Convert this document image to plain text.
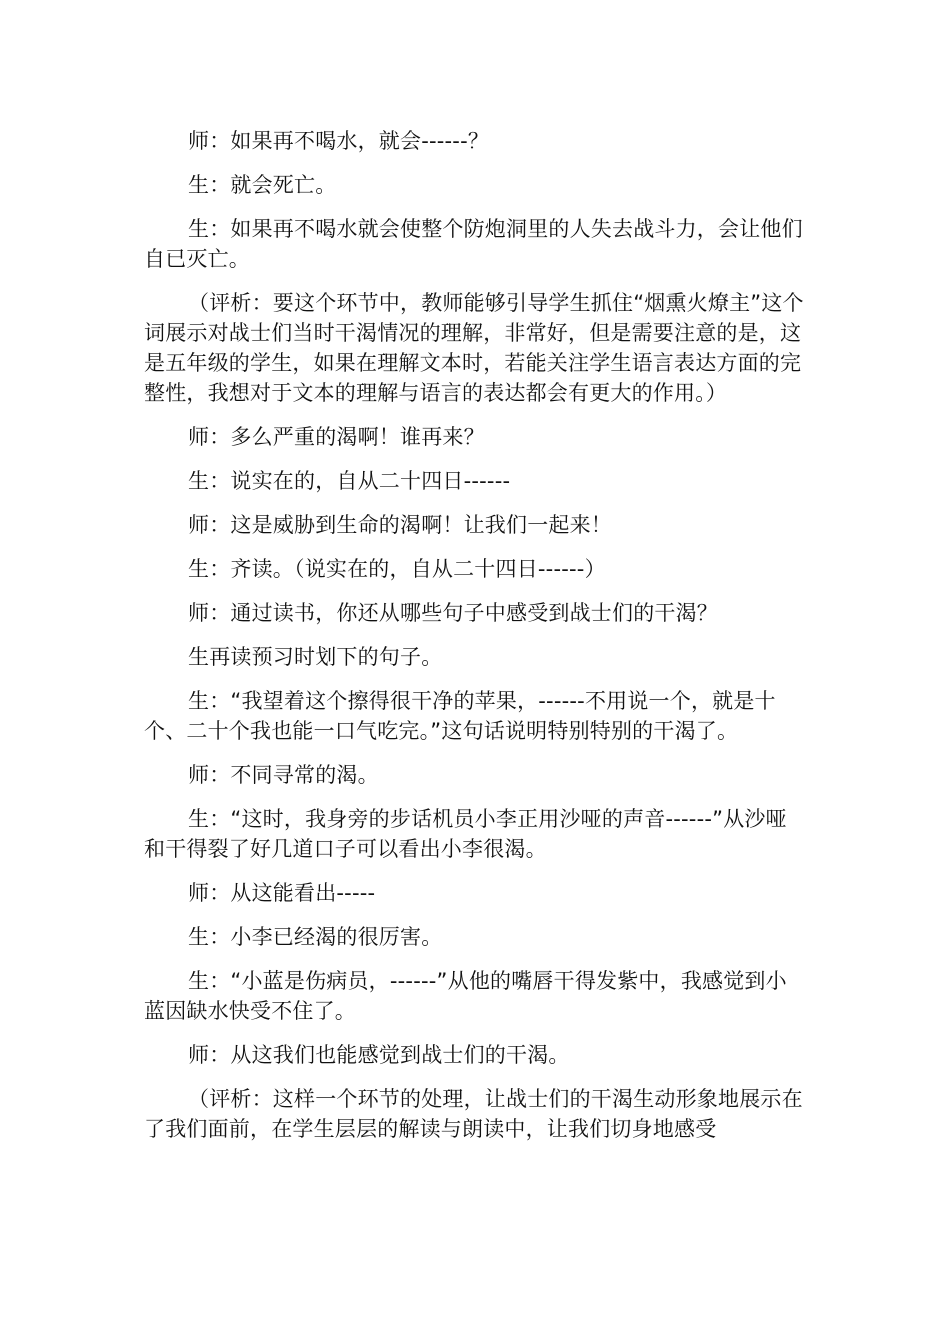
师：如果再不喝水，就会------？

生：就会死亡。

生：如果再不喝水就会使整个防炮洞里的人失去战斗力，会让他们自已灭亡。

（评析：要这个环节中，教师能够引导学生抓住“烟熏火燎主”这个词展示对战士们当时干渴情况的理解，非常好，但是需要注意的是，这是五年级的学生，如果在理解文本时，若能关注学生语言表达方面的完整性，我想对于文本的理解与语言的表达都会有更大的作用。）

师：多么严重的渴啊！谁再来？

生：说实在的，自从二十四日------

师：这是威胁到生命的渴啊！让我们一起来！

生：齐读。（说实在的，自从二十四日------）

师：通过读书，你还从哪些句子中感受到战士们的干渴？

生再读预习时划下的句子。

生：“我望着这个擦得很干净的苹果，------不用说一个，就是十个、二十个我也能一口气吃完。”这句话说明特别特别的干渴了。

师：不同寻常的渴。

生：“这时，我身旁的步话机员小李正用沙哑的声音------”从沙哑和干得裂了好几道口子可以看出小李很渴。

师：从这能看出-----

生：小李已经渴的很厉害。

生：“小蓝是伤病员，------”从他的嘴唇干得发紫中，我感觉到小蓝因缺水快受不住了。

师：从这我们也能感觉到战士们的干渴。

（评析：这样一个环节的处理，让战士们的干渴生动形象地展示在了我们面前，在学生层层的解读与朗读中，让我们切身地感受
